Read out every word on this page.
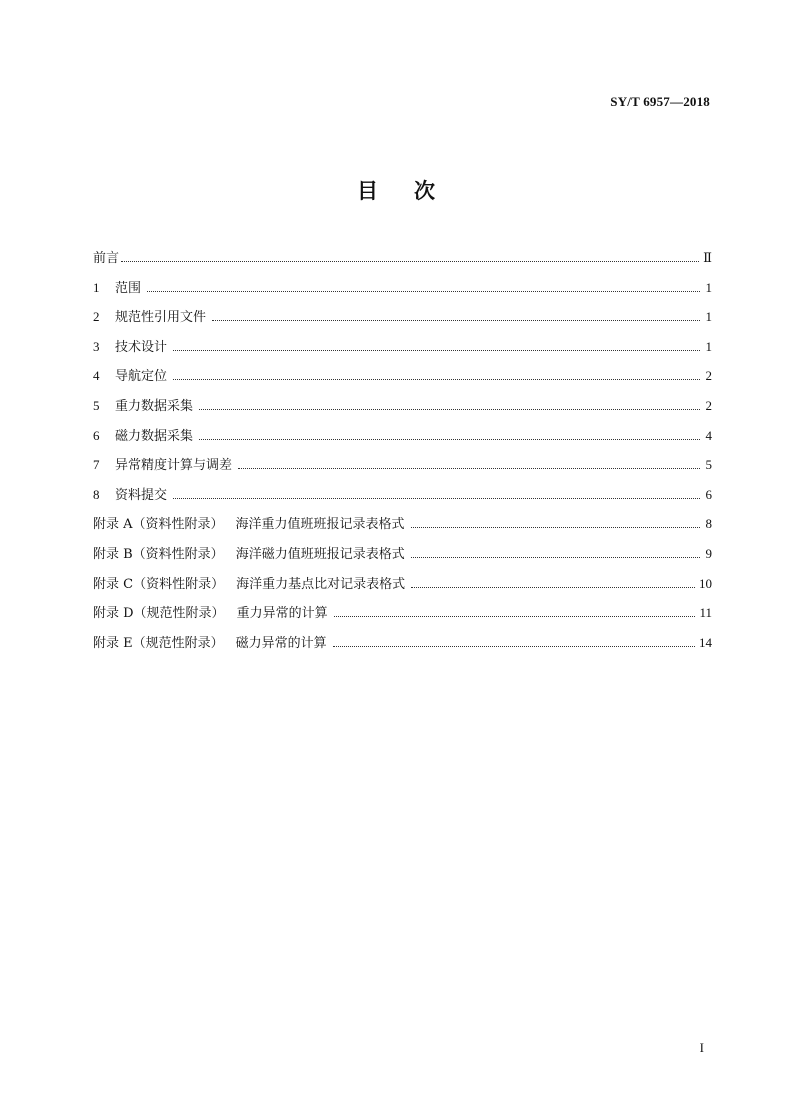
SY/T 6957—2018
目次
前言	Ⅱ
1	范围	1
2	规范性引用文件	1
3	技术设计	1
4	导航定位	2
5	重力数据采集	2
6	磁力数据采集	4
7	异常精度计算与调差	5
8	资料提交	6
附录 A（资料性附录） 海洋重力值班班报记录表格式	8
附录 B（资料性附录） 海洋磁力值班班报记录表格式	9
附录 C（资料性附录） 海洋重力基点比对记录表格式	10
附录 D（规范性附录） 重力异常的计算	11
附录 E（规范性附录） 磁力异常的计算	14
I
